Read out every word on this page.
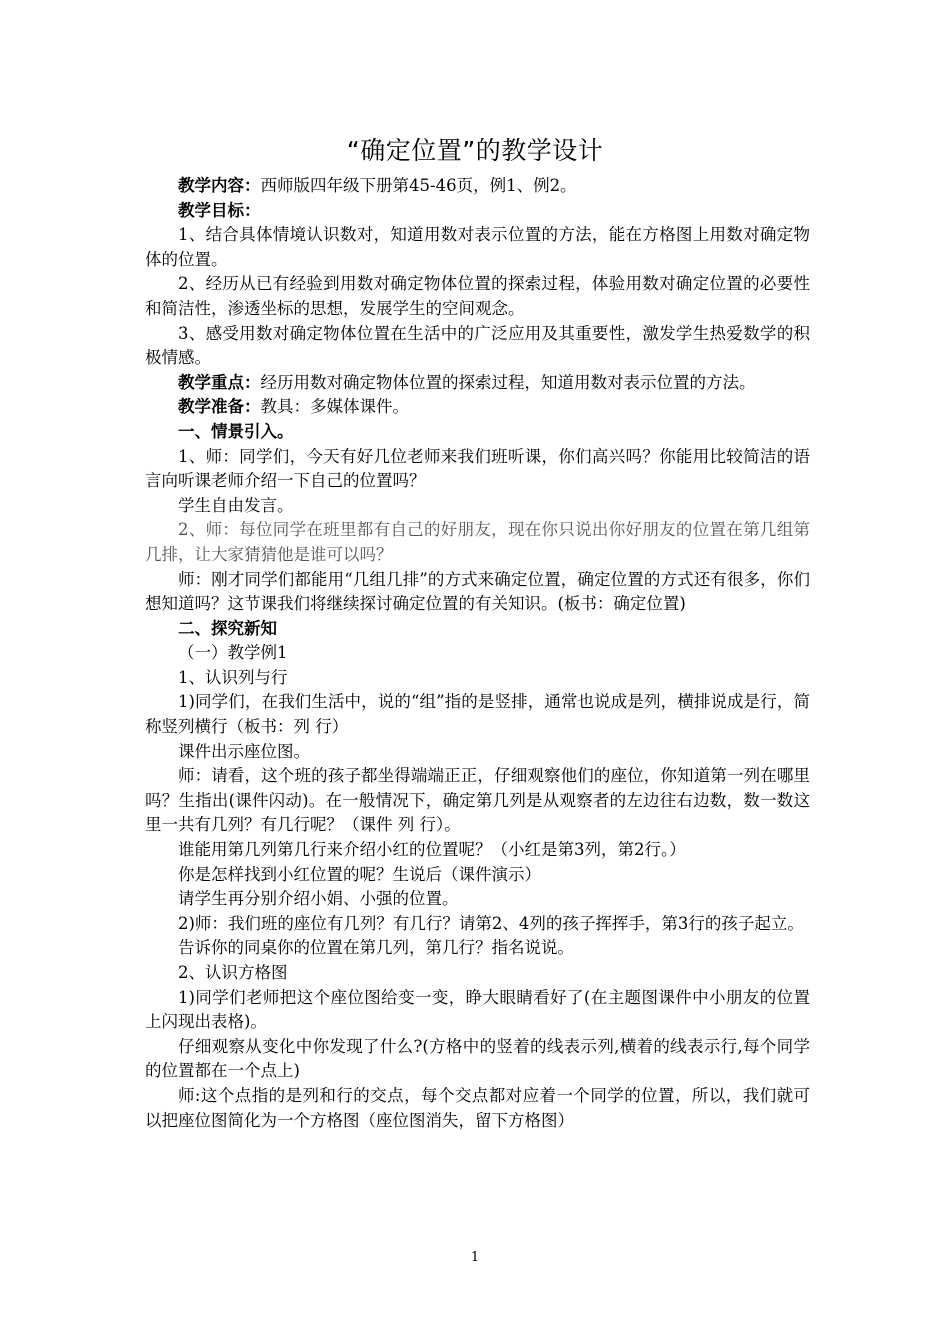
“确定位置”的教学设计

教学内容：西师版四年级下册第45-46页，例1、例2。

教学目标：

1、结合具体情境认识数对，知道用数对表示位置的方法，能在方格图上用数对确定物体的位置。

2、经历从已有经验到用数对确定物体位置的探索过程，体验用数对确定位置的必要性和简洁性，渗透坐标的思想，发展学生的空间观念。

3、感受用数对确定物体位置在生活中的广泛应用及其重要性，激发学生热爱数学的积极情感。

教学重点：经历用数对确定物体位置的探索过程，知道用数对表示位置的方法。

教学准备：教具：多媒体课件。

一、情景引入。

1、师：同学们，今天有好几位老师来我们班听课，你们高兴吗？你能用比较简洁的语言向听课老师介绍一下自己的位置吗？

学生自由发言。

2、师：每位同学在班里都有自己的好朋友，现在你只说出你好朋友的位置在第几组第几排，让大家猜猜他是谁可以吗？

师：刚才同学们都能用“几组几排”的方式来确定位置，确定位置的方式还有很多，你们想知道吗？这节课我们将继续探讨确定位置的有关知识。(板书：确定位置)

二、探究新知

（一）教学例1

1、认识列与行

1)同学们，在我们生活中，说的“组”指的是竖排，通常也说成是列，横排说成是行，简称竖列横行（板书：列 行）

课件出示座位图。

师：请看，这个班的孩子都坐得端端正正，仔细观察他们的座位，你知道第一列在哪里吗？生指出(课件闪动)。在一般情况下，确定第几列是从观察者的左边往右边数，数一数这里一共有几列？有几行呢？（课件 列 行）。

谁能用第几列第几行来介绍小红的位置呢？（小红是第3列，第2行。）

你是怎样找到小红位置的呢？生说后（课件演示）

请学生再分别介绍小娟、小强的位置。

2)师：我们班的座位有几列？有几行？请第2、4列的孩子挥挥手，第3行的孩子起立。

告诉你的同桌你的位置在第几列，第几行？指名说说。

2、认识方格图

1)同学们老师把这个座位图给变一变，睁大眼睛看好了(在主题图课件中小朋友的位置上闪现出表格)。

仔细观察从变化中你发现了什么?(方格中的竖着的线表示列,横着的线表示行,每个同学的位置都在一个点上)

师:这个点指的是列和行的交点，每个交点都对应着一个同学的位置，所以，我们就可以把座位图简化为一个方格图（座位图消失，留下方格图）

1
